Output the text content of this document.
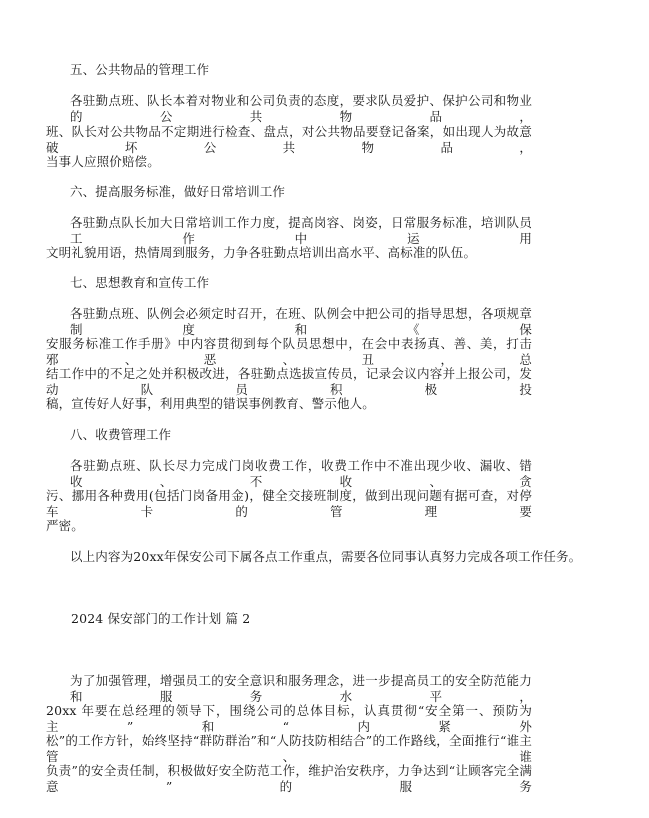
五、公共物品的管理工作
各驻勤点班、队长本着对物业和公司负责的态度，要求队员爱护、保护公司和物业的公共物品，
班、队长对公共物品不定期进行检查、盘点，对公共物品要登记备案，如出现人为故意破坏公共物品，
当事人应照价赔偿。
六、提高服务标准，做好日常培训工作
各驻勤点队长加大日常培训工作力度，提高岗容、岗姿，日常服务标准，培训队员工作中运用
文明礼貌用语，热情周到服务，力争各驻勤点培训出高水平、高标准的队伍。
七、思想教育和宣传工作
各驻勤点班、队例会必须定时召开，在班、队例会中把公司的指导思想，各项规章制度和《保
安服务标准工作手册》中内容贯彻到每个队员思想中，在会中表扬真、善、美，打击邪、恶、丑，总
结工作中的不足之处并积极改进，各驻勤点选拔宣传员，记录会议内容并上报公司，发动队员积极投
稿，宣传好人好事，利用典型的错误事例教育、警示他人。
八、收费管理工作
各驻勤点班、队长尽力完成门岗收费工作，收费工作中不准出现少收、漏收、错收、不收、贪
污、挪用各种费用(包括门岗备用金)，健全交接班制度，做到出现问题有据可查，对停车卡的管理要
严密。
以上内容为20xx年保安公司下属各点工作重点，需要各位同事认真努力完成各项工作任务。
2024 保安部门的工作计划 篇 2
为了加强管理，增强员工的安全意识和服务理念，进一步提高员工的安全防范能力和服务水平，
20xx 年要在总经理的领导下，围绕公司的总体目标，认真贯彻“安全第一、预防为主”和“内紧外
松”的工作方针，始终坚持“群防群治”和“人防技防相结合”的工作路线，全面推行“谁主管、谁
负责”的安全责任制，积极做好安全防范工作，维护治安秩序，力争达到“让顾客完全满意”的服务
